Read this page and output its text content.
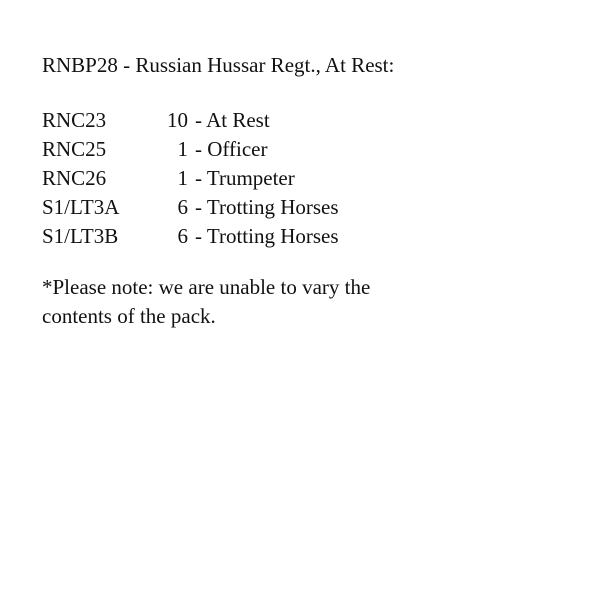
RNBP28 - Russian Hussar Regt., At Rest:
RNC23	10 - At Rest
RNC25	1 - Officer
RNC26	1 - Trumpeter
S1/LT3A	6 - Trotting Horses
S1/LT3B	6 - Trotting Horses

*Please note: we are unable to vary the contents of the pack.
